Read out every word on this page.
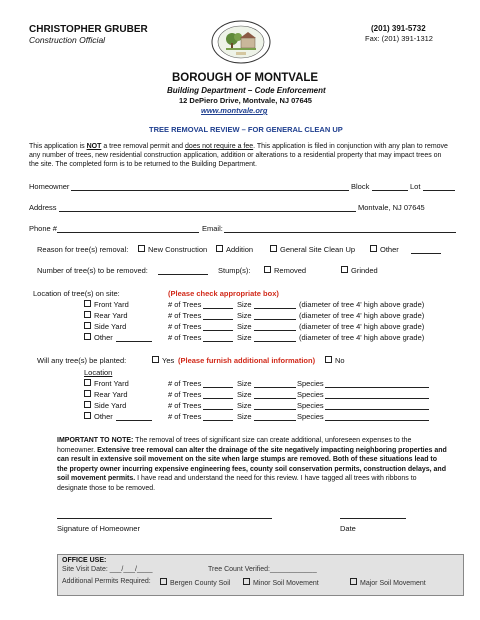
CHRISTOPHER GRUBER
Construction Official
(201) 391-5732
Fax: (201) 391-1312
BOROUGH OF MONTVALE
Building Department – Code Enforcement
12 DePiero Drive, Montvale, NJ 07645
www.montvale.org
TREE REMOVAL REVIEW – FOR GENERAL CLEAN UP
This application is NOT a tree removal permit and does not require a fee. This application is filed in conjunction with any plan to remove any number of trees, new residential construction application, addition or alterations to a residential property that may impact trees on the site. The completed form is to be returned to the Building Department.
Homeowner	Block	Lot
Address	Montvale, NJ 07645
Phone #	Email:
Reason for tree(s) removal:	New Construction	Addition	General Site Clean Up	Other
Number of tree(s) to be removed:	Stump(s):	Removed	Grinded
Location of tree(s) on site:	(Please check appropriate box)
Front Yard	# of Trees	Size	(diameter of tree 4' high above grade)
Rear Yard	# of Trees	Size	(diameter of tree 4' high above grade)
Side Yard	# of Trees	Size	(diameter of tree 4' high above grade)
Other	# of Trees	Size	(diameter of tree 4' high above grade)
Will any tree(s) be planted:	Yes (Please furnish additional information)	No
Location
Front Yard	# of Trees	Size	Species
Rear Yard	# of Trees	Size	Species
Side Yard	# of Trees	Size	Species
Other	# of Trees	Size	Species
IMPORTANT TO NOTE: The removal of trees of significant size can create additional, unforeseen expenses to the homeowner. Extensive tree removal can alter the drainage of the site negatively impacting neighboring properties and can result in extensive soil movement on the site when large stumps are removed. Both of these situations lead to the property owner incurring expensive engineering fees, county soil conservation permits, construction delays, and soil movement permits. I have read and understand the need for this review. I have tagged all trees with ribbons to designate those to be removed.
Signature of Homeowner	Date
OFFICE USE:
Site Visit Date: ___/___/____	Tree Count Verified:____________
Additional Permits Required:	Bergen County Soil	Minor Soil Movement	Major Soil Movement
